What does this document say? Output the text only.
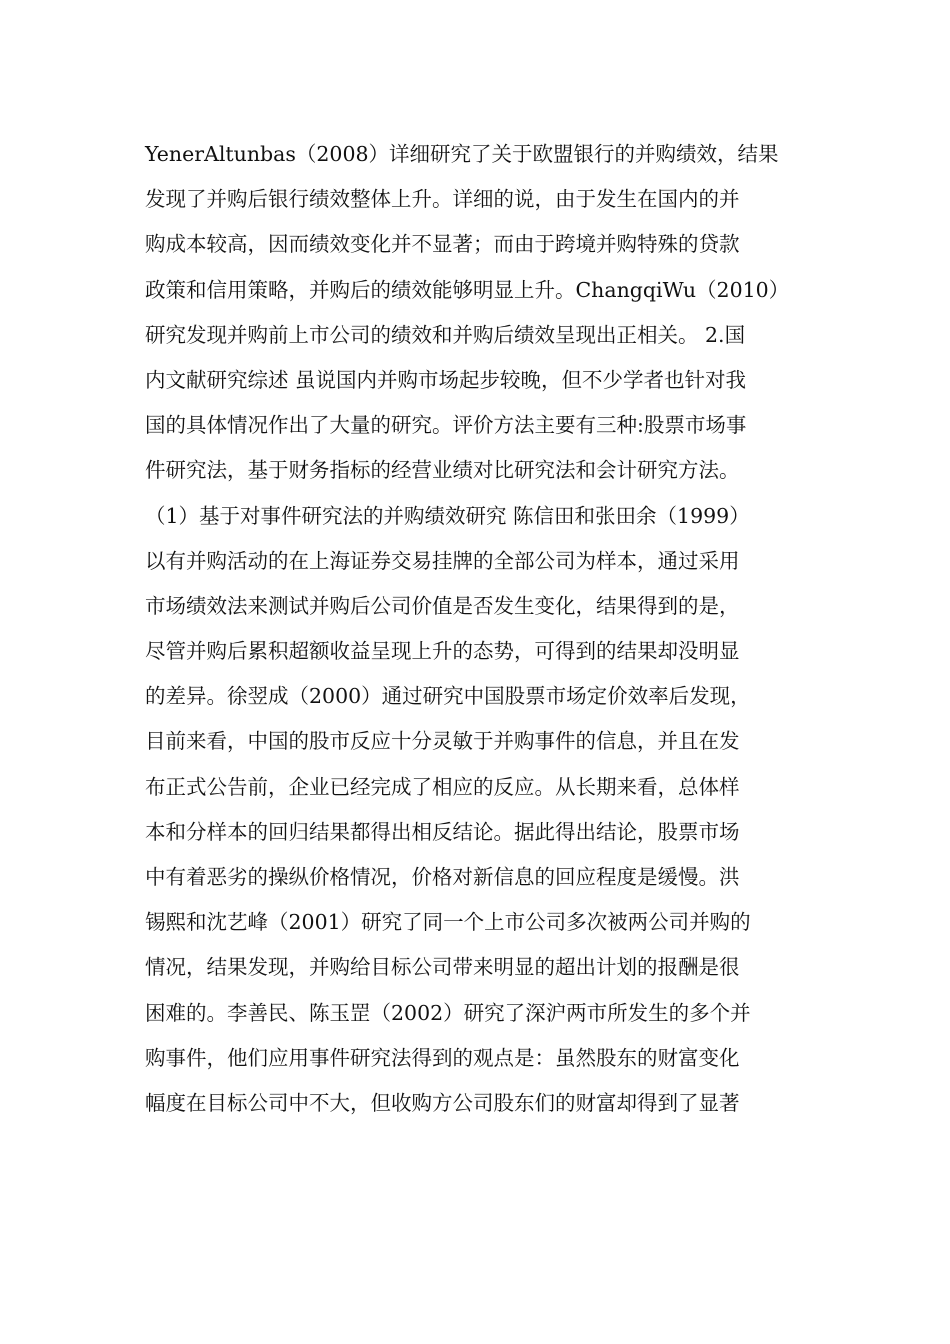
YenerAltunbas（2008）详细研究了关于欧盟银行的并购绩效，结果
发现了并购后银行绩效整体上升。详细的说，由于发生在国内的并
购成本较高，因而绩效变化并不显著；而由于跨境并购特殊的贷款
政策和信用策略，并购后的绩效能够明显上升。ChangqiWu（2010）
研究发现并购前上市公司的绩效和并购后绩效呈现出正相关。 2.国
内文献研究综述 虽说国内并购市场起步较晚，但不少学者也针对我
国的具体情况作出了大量的研究。评价方法主要有三种:股票市场事
件研究法，基于财务指标的经营业绩对比研究法和会计研究方法。
（1）基于对事件研究法的并购绩效研究 陈信田和张田余（1999）
以有并购活动的在上海证券交易挂牌的全部公司为样本，通过采用
市场绩效法来测试并购后公司价值是否发生变化，结果得到的是，
尽管并购后累积超额收益呈现上升的态势，可得到的结果却没明显
的差异。徐翌成（2000）通过研究中国股票市场定价效率后发现，
目前来看，中国的股市反应十分灵敏于并购事件的信息，并且在发
布正式公告前，企业已经完成了相应的反应。从长期来看，总体样
本和分样本的回归结果都得出相反结论。据此得出结论，股票市场
中有着恶劣的操纵价格情况，价格对新信息的回应程度是缓慢。洪
锡熙和沈艺峰（2001）研究了同一个上市公司多次被两公司并购的
情况，结果发现，并购给目标公司带来明显的超出计划的报酬是很
困难的。李善民、陈玉罡（2002）研究了深沪两市所发生的多个并
购事件，他们应用事件研究法得到的观点是：虽然股东的财富变化
幅度在目标公司中不大，但收购方公司股东们的财富却得到了显著
